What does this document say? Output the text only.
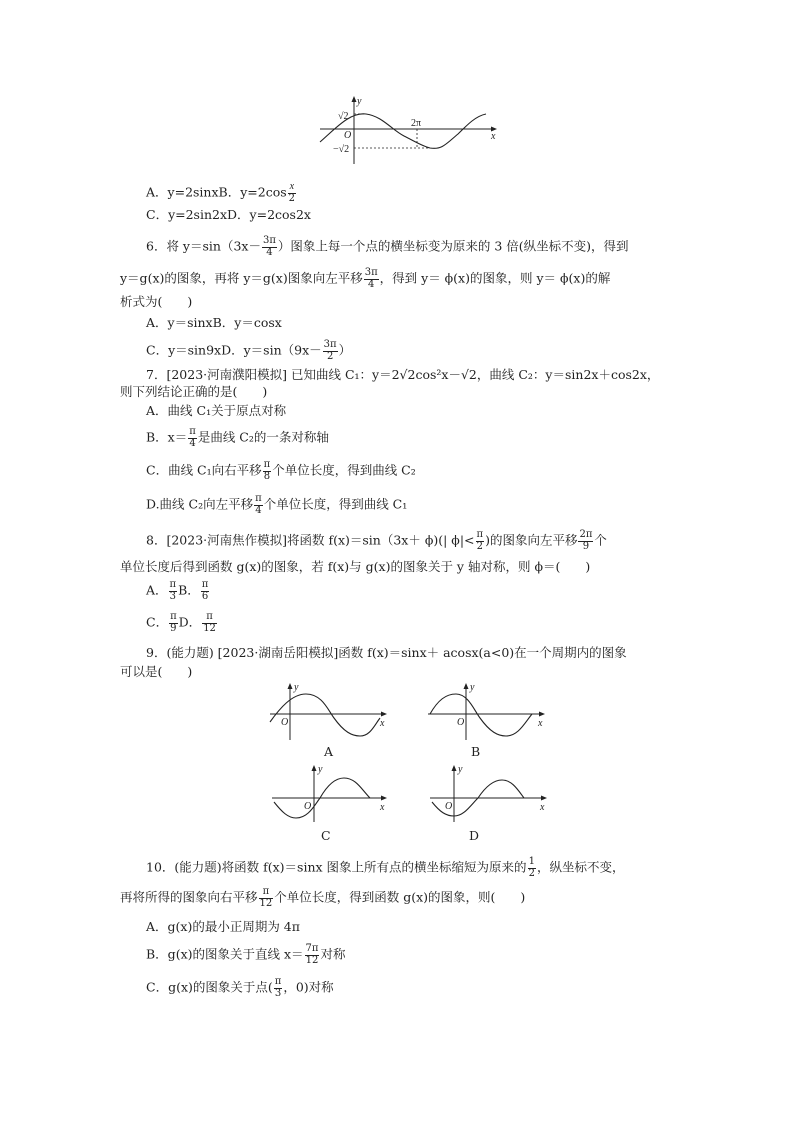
y
x
O
√2
−√2
2π
A．y=2sinxB．$y=2\cos \frac{x}{2}$
C．y=2sin2xD．y=2cos2x
6．将 $y=\sin(3x- \frac{3\pi}{4}$ ）图象上每一个点的横坐标变为原来的 3 倍(纵坐标不变)，得到
y＝g(x)的图象，再将 y＝g(x)图象向左平移 $\frac{3\pi}{4}$ ，得到 y＝ ϕ(x)的图象，则 y＝ ϕ(x)的解
析式为(　　)
A．y＝sinxB．y＝cosx
C．y＝sin9xD．$y=\sin(9x- \frac{3\pi}{2}$ ）
7．[2023·河南濮阳模拟] 已知曲线 C₁：y＝2√2cos²x－√2，曲线 C₂：y＝sin2x＋cos2x，
则下列结论正确的是(　　)
A．曲线 C₁关于原点对称
B．$x= \frac{\pi}{4}$ 是曲线 C₂的一条对称轴
C．曲线 C₁向右平移 $\frac{\pi}{8}$ 个单位长度，得到曲线 C₂
D.曲线 C₂向左平移 $\frac{\pi}{4}$ 个单位长度，得到曲线 C₁
8．[2023·河南焦作模拟]将函数 f(x)＝sin（3x＋ ϕ)(| $\phi|< \frac{\pi}{2}$ )的图象向左平移 $\frac{2\pi}{9}$ 个
单位长度后得到函数 g(x)的图象，若 f(x)与 g(x)的图象关于 y 轴对称，则 ϕ＝(　　)
A． $\frac{\pi}{3}$ B． $\frac{\pi}{6}$
C． $\frac{\pi}{9}$ D． $\frac{\pi}{12}$
9．(能力题) [2023·湖南岳阳模拟]函数 f(x)＝sinx＋ acosx(a<0)在一个周期内的图象
可以是(　　)
y
x
O
A
y
x
O
B
y
x
O
C
y
x
O
D
10．(能力题)将函数 f(x)＝sinx 图象上所有点的横坐标缩短为原来的 $\frac{1}{2}$ ，纵坐标不变，
再将所得的图象向右平移 $\frac{\pi}{12}$ 个单位长度，得到函数 g(x)的图象，则(　　)
A．g(x)的最小正周期为 4π
B．g(x)的图象关于直线 $x= \frac{7\pi}{12}$ 对称
C．g(x)的图象关于点( $\frac{\pi}{3}$ ，0)对称
